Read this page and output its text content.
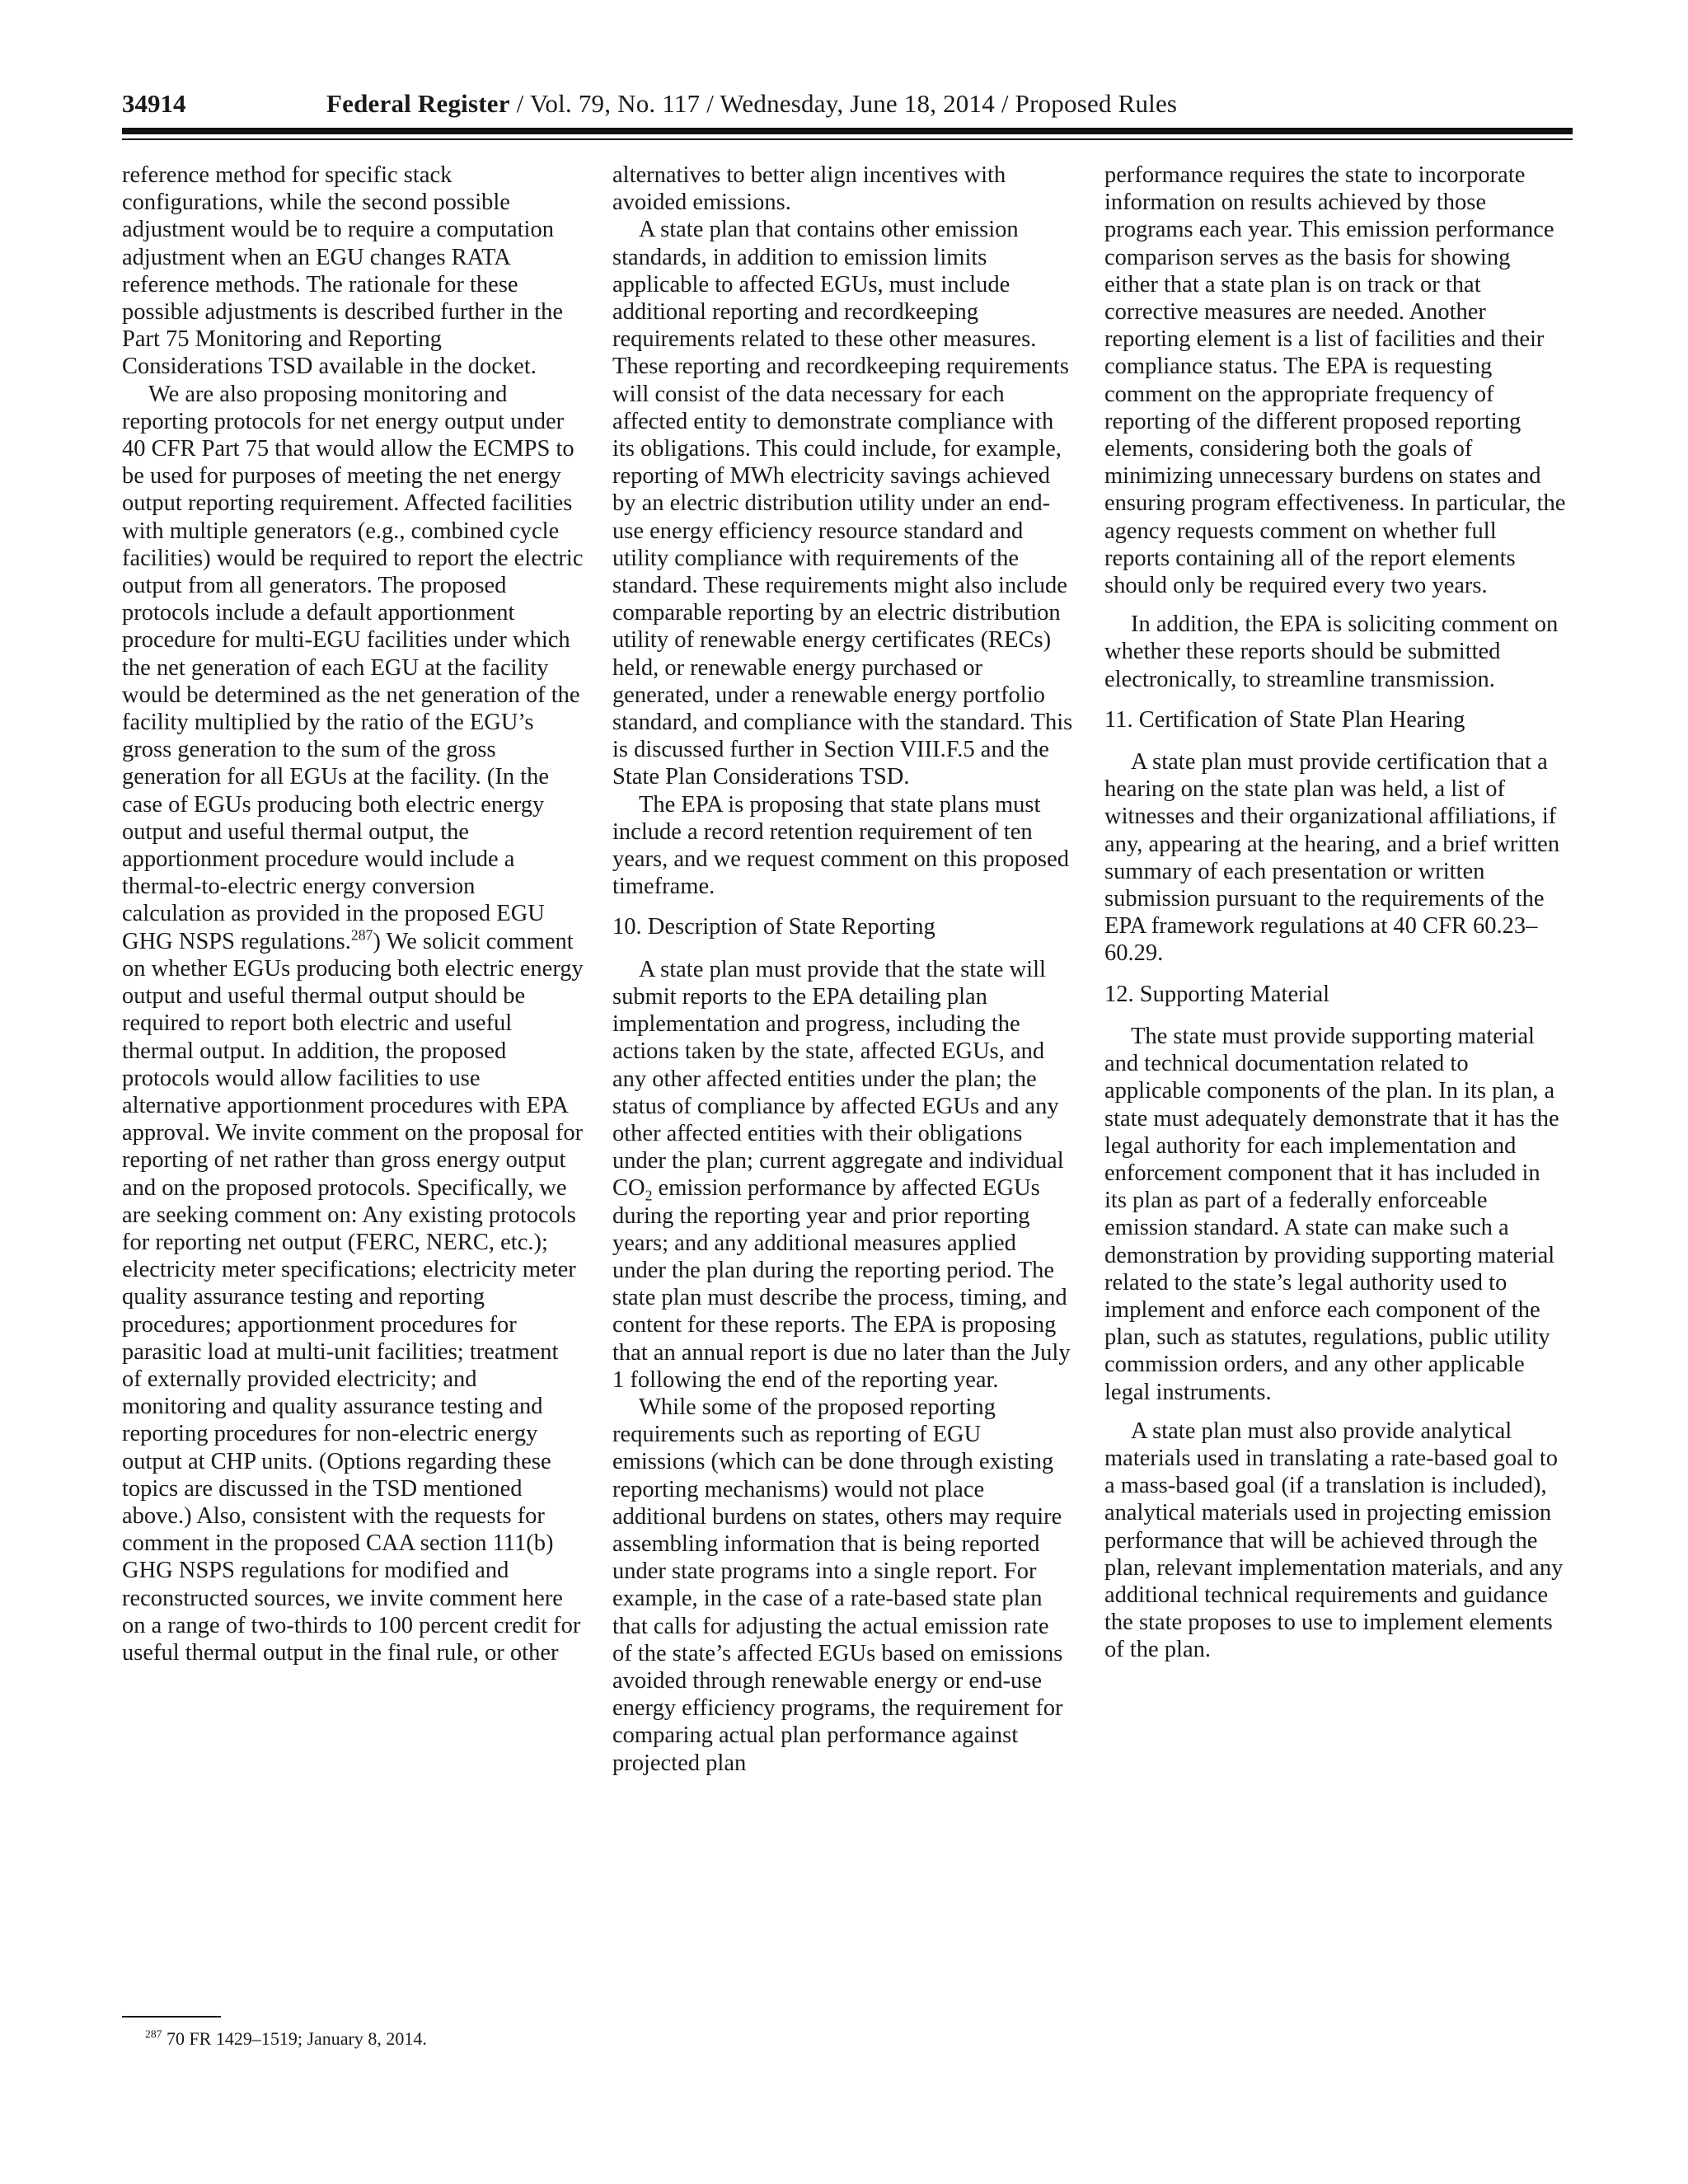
34914	Federal Register / Vol. 79, No. 117 / Wednesday, June 18, 2014 / Proposed Rules

reference method for specific stack configurations, while the second possible adjustment would be to require a computation adjustment when an EGU changes RATA reference methods. The rationale for these possible adjustments is described further in the Part 75 Monitoring and Reporting Considerations TSD available in the docket.

We are also proposing monitoring and reporting protocols for net energy output under 40 CFR Part 75 that would allow the ECMPS to be used for purposes of meeting the net energy output reporting requirement. Affected facilities with multiple generators (e.g., combined cycle facilities) would be required to report the electric output from all generators. The proposed protocols include a default apportionment procedure for multi-EGU facilities under which the net generation of each EGU at the facility would be determined as the net generation of the facility multiplied by the ratio of the EGU’s gross generation to the sum of the gross generation for all EGUs at the facility. (In the case of EGUs producing both electric energy output and useful thermal output, the apportionment procedure would include a thermal-to-electric energy conversion calculation as provided in the proposed EGU GHG NSPS regulations.$^{287}$) We solicit comment on whether EGUs producing both electric energy output and useful thermal output should be required to report both electric and useful thermal output. In addition, the proposed protocols would allow facilities to use alternative apportionment procedures with EPA approval. We invite comment on the proposal for reporting of net rather than gross energy output and on the proposed protocols. Specifically, we are seeking comment on: Any existing protocols for reporting net output (FERC, NERC, etc.); electricity meter specifications; electricity meter quality assurance testing and reporting procedures; apportionment procedures for parasitic load at multi-unit facilities; treatment of externally provided electricity; and monitoring and quality assurance testing and reporting procedures for non-electric energy output at CHP units. (Options regarding these topics are discussed in the TSD mentioned above.) Also, consistent with the requests for comment in the proposed CAA section 111(b) GHG NSPS regulations for modified and reconstructed sources, we invite comment here on a range of two-thirds to 100 percent credit for useful thermal output in the final rule, or other

alternatives to better align incentives with avoided emissions.

A state plan that contains other emission standards, in addition to emission limits applicable to affected EGUs, must include additional reporting and recordkeeping requirements related to these other measures. These reporting and recordkeeping requirements will consist of the data necessary for each affected entity to demonstrate compliance with its obligations. This could include, for example, reporting of MWh electricity savings achieved by an electric distribution utility under an end-use energy efficiency resource standard and utility compliance with requirements of the standard. These requirements might also include comparable reporting by an electric distribution utility of renewable energy certificates (RECs) held, or renewable energy purchased or generated, under a renewable energy portfolio standard, and compliance with the standard. This is discussed further in Section VIII.F.5 and the State Plan Considerations TSD.

The EPA is proposing that state plans must include a record retention requirement of ten years, and we request comment on this proposed timeframe.

10. Description of State Reporting

A state plan must provide that the state will submit reports to the EPA detailing plan implementation and progress, including the actions taken by the state, affected EGUs, and any other affected entities under the plan; the status of compliance by affected EGUs and any other affected entities with their obligations under the plan; current aggregate and individual $CO_2$ emission performance by affected EGUs during the reporting year and prior reporting years; and any additional measures applied under the plan during the reporting period. The state plan must describe the process, timing, and content for these reports. The EPA is proposing that an annual report is due no later than the July 1 following the end of the reporting year.

While some of the proposed reporting requirements such as reporting of EGU emissions (which can be done through existing reporting mechanisms) would not place additional burdens on states, others may require assembling information that is being reported under state programs into a single report. For example, in the case of a rate-based state plan that calls for adjusting the actual emission rate of the state’s affected EGUs based on emissions avoided through renewable energy or end-use energy efficiency programs, the requirement for comparing actual plan performance against projected plan

performance requires the state to incorporate information on results achieved by those programs each year. This emission performance comparison serves as the basis for showing either that a state plan is on track or that corrective measures are needed. Another reporting element is a list of facilities and their compliance status. The EPA is requesting comment on the appropriate frequency of reporting of the different proposed reporting elements, considering both the goals of minimizing unnecessary burdens on states and ensuring program effectiveness. In particular, the agency requests comment on whether full reports containing all of the report elements should only be required every two years.

In addition, the EPA is soliciting comment on whether these reports should be submitted electronically, to streamline transmission.

11. Certification of State Plan Hearing

A state plan must provide certification that a hearing on the state plan was held, a list of witnesses and their organizational affiliations, if any, appearing at the hearing, and a brief written summary of each presentation or written submission pursuant to the requirements of the EPA framework regulations at 40 CFR 60.23–60.29.

12. Supporting Material

The state must provide supporting material and technical documentation related to applicable components of the plan. In its plan, a state must adequately demonstrate that it has the legal authority for each implementation and enforcement component that it has included in its plan as part of a federally enforceable emission standard. A state can make such a demonstration by providing supporting material related to the state’s legal authority used to implement and enforce each component of the plan, such as statutes, regulations, public utility commission orders, and any other applicable legal instruments.

A state plan must also provide analytical materials used in translating a rate-based goal to a mass-based goal (if a translation is included), analytical materials used in projecting emission performance that will be achieved through the plan, relevant implementation materials, and any additional technical requirements and guidance the state proposes to use to implement elements of the plan.

$^{287}$ 70 FR 1429–1519; January 8, 2014.
